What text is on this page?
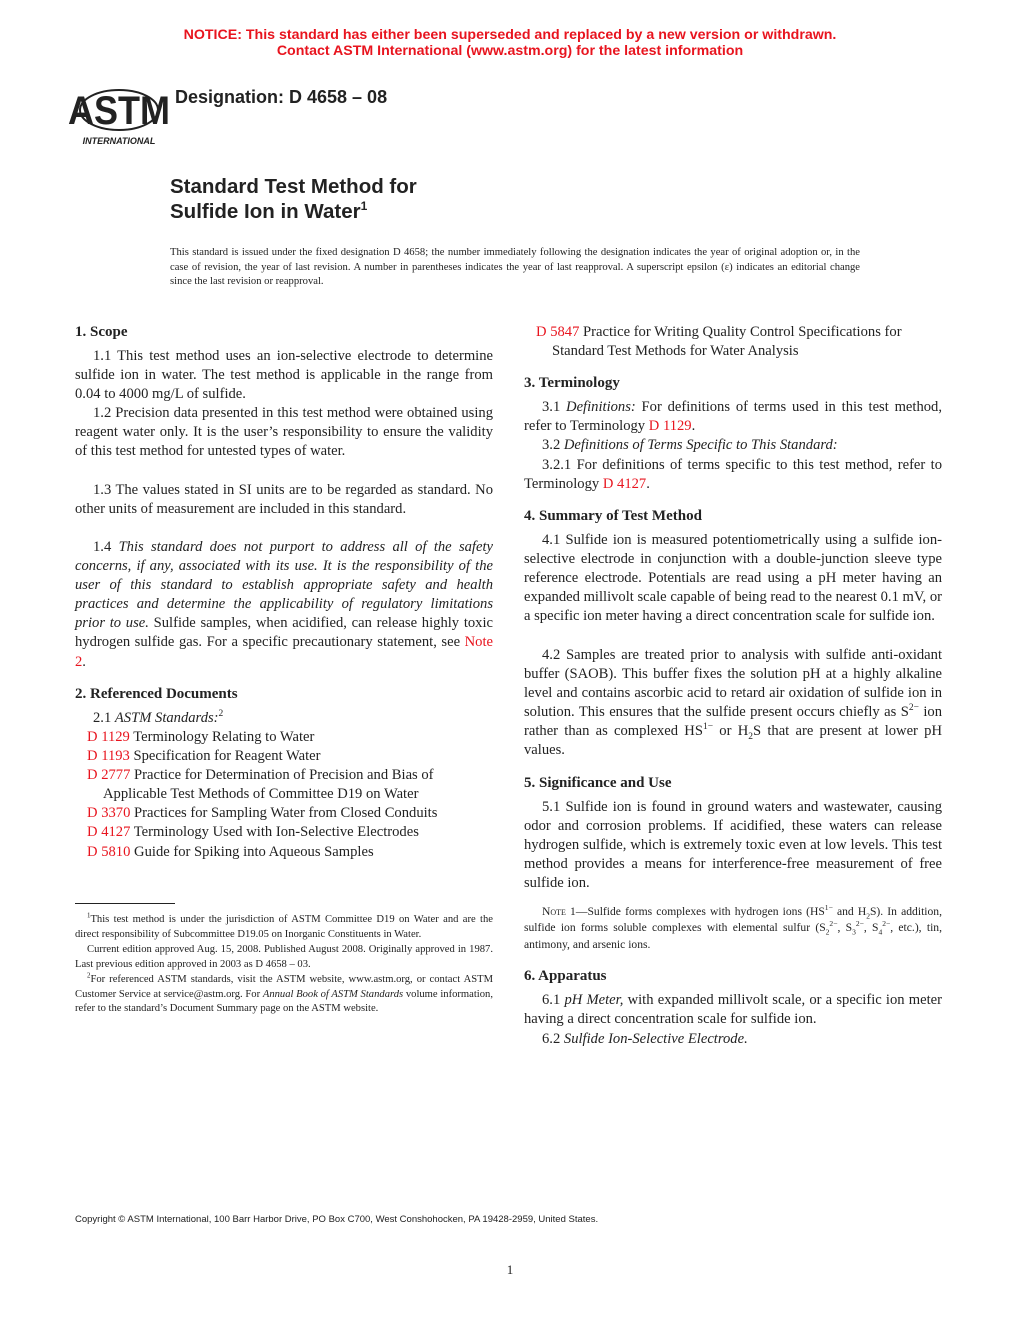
NOTICE: This standard has either been superseded and replaced by a new version or withdrawn.
Contact ASTM International (www.astm.org) for the latest information
ASTM
INTERNATIONAL
Designation: D 4658 – 08
Standard Test Method for
Sulfide Ion in Water$^1$
This standard is issued under the fixed designation D 4658; the number immediately following the designation indicates the year of original adoption or, in the case of revision, the year of last revision. A number in parentheses indicates the year of last reapproval. A superscript epsilon (ε) indicates an editorial change since the last revision or reapproval.
1. Scope

1.1 This test method uses an ion-selective electrode to determine sulfide ion in water. The test method is applicable in the range from 0.04 to 4000 mg/L of sulfide.

1.2 Precision data presented in this test method were obtained using reagent water only. It is the user’s responsibility to ensure the validity of this test method for untested types of water.

1.3 The values stated in SI units are to be regarded as standard. No other units of measurement are included in this standard.

1.4 This standard does not purport to address all of the safety concerns, if any, associated with its use. It is the responsibility of the user of this standard to establish appropriate safety and health practices and determine the applicability of regulatory limitations prior to use. Sulfide samples, when acidified, can release highly toxic hydrogen sulfide gas. For a specific precautionary statement, see Note 2.

2. Referenced Documents

2.1 ASTM Standards:$^2$

D 1129 Terminology Relating to Water

D 1193 Specification for Reagent Water

D 2777 Practice for Determination of Precision and Bias of Applicable Test Methods of Committee D19 on Water

D 3370 Practices for Sampling Water from Closed Conduits

D 4127 Terminology Used with Ion-Selective Electrodes

D 5810 Guide for Spiking into Aqueous Samples

$^1$This test method is under the jurisdiction of ASTM Committee D19 on Water and are the direct responsibility of Subcommittee D19.05 on Inorganic Constituents in Water.

Current edition approved Aug. 15, 2008. Published August 2008. Originally approved in 1987. Last previous edition approved in 2003 as D 4658 – 03.

$^2$For referenced ASTM standards, visit the ASTM website, www.astm.org, or contact ASTM Customer Service at service@astm.org. For Annual Book of ASTM Standards volume information, refer to the standard’s Document Summary page on the ASTM website.

D 5847 Practice for Writing Quality Control Specifications for Standard Test Methods for Water Analysis

3. Terminology

3.1 Definitions: For definitions of terms used in this test method, refer to Terminology D 1129.

3.2 Definitions of Terms Specific to This Standard:

3.2.1 For definitions of terms specific to this test method, refer to Terminology D 4127.

4. Summary of Test Method

4.1 Sulfide ion is measured potentiometrically using a sulfide ion-selective electrode in conjunction with a double-junction sleeve type reference electrode. Potentials are read using a pH meter having an expanded millivolt scale capable of being read to the nearest 0.1 mV, or a specific ion meter having a direct concentration scale for sulfide ion.

4.2 Samples are treated prior to analysis with sulfide anti-oxidant buffer (SAOB). This buffer fixes the solution pH at a highly alkaline level and contains ascorbic acid to retard air oxidation of sulfide ion in solution. This ensures that the sulfide present occurs chiefly as $S^{2-}$ ion rather than as complexed $HS^{1-}$ or $H_2S$ that are present at lower pH values.

5. Significance and Use

5.1 Sulfide ion is found in ground waters and wastewater, causing odor and corrosion problems. If acidified, these waters can release hydrogen sulfide, which is extremely toxic even at low levels. This test method provides a means for interference-free measurement of free sulfide ion.

Note 1—Sulfide forms complexes with hydrogen ions ($HS^{1-}$ and $H_2S$). In addition, sulfide ion forms soluble complexes with elemental sulfur ($S_2^{2-}$, $S_3^{2-}$, $S_4^{2-}$, etc.), tin, antimony, and arsenic ions.

6. Apparatus

6.1 pH Meter, with expanded millivolt scale, or a specific ion meter having a direct concentration scale for sulfide ion.

6.2 Sulfide Ion-Selective Electrode.

Copyright © ASTM International, 100 Barr Harbor Drive, PO Box C700, West Conshohocken, PA 19428-2959, United States.
1
